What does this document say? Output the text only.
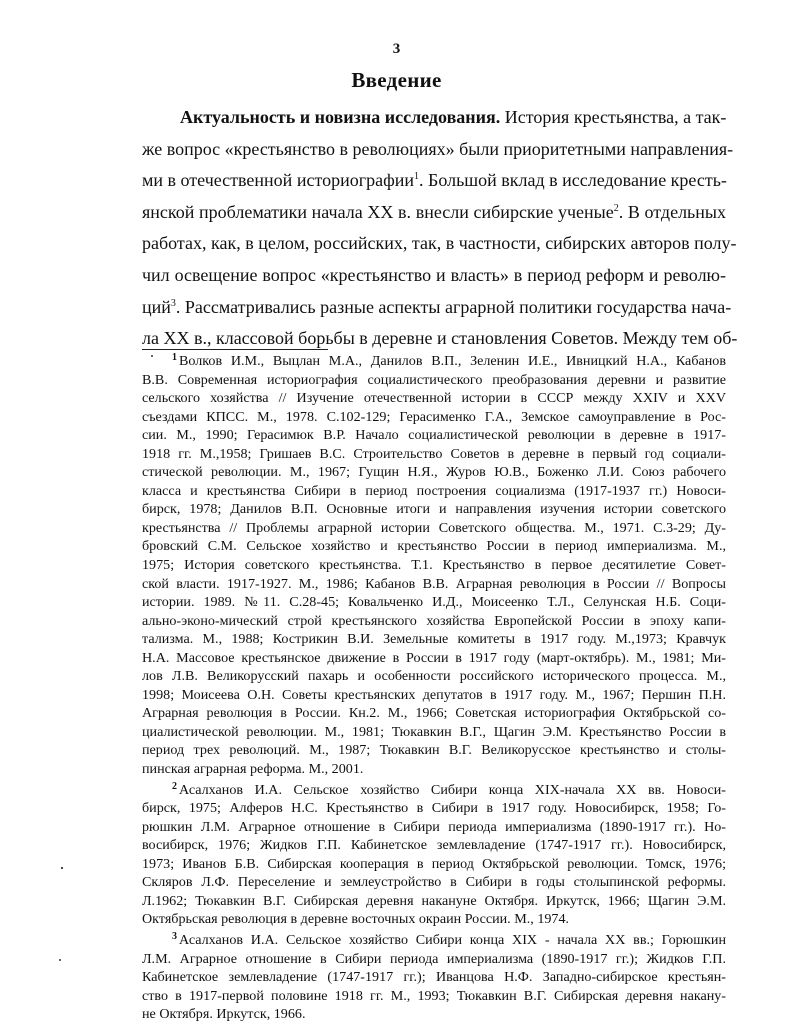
3
Введение
Актуальность и новизна исследования. История крестьянства, а так-
же вопрос «крестьянство в революциях» были приоритетными направления-
ми в отечественной историографии$^1$. Большой вклад в исследование кресть-
янской проблематики начала XX в. внесли сибирские ученые$^2$. В отдельных
работах, как, в целом, российских, так, в частности, сибирских авторов полу-
чил освещение вопрос «крестьянство и власть» в период реформ и револю-
ций$^3$. Рассматривались разные аспекты аграрной политики государства нача-
ла XX в., классовой борьбы в деревне и становления Советов. Между тем об-
$^1$ Волков И.М., Выцлан М.А., Данилов В.П., Зеленин И.Е., Ивницкий Н.А., Кабанов
В.В. Современная историография социалистического преобразования деревни и развитие
сельского хозяйства // Изучение отечественной истории в СССР между XXIV и XXV
съездами КПСС. М., 1978. С.102-129; Герасименко Г.А., Земское самоуправление в Рос-
сии. М., 1990; Герасимюк В.Р. Начало социалистической революции в деревне в 1917-
1918 гг. М.,1958; Гришаев В.С. Строительство Советов в деревне в первый год социали-
стической революции. М., 1967; Гущин Н.Я., Журов Ю.В., Боженко Л.И. Союз рабочего
класса и крестьянства Сибири в период построения социализма (1917-1937 гг.) Новоси-
бирск, 1978; Данилов В.П. Основные итоги и направления изучения истории советского
крестьянства // Проблемы аграрной истории Советского общества. М., 1971. С.3-29; Ду-
бровский С.М. Сельское хозяйство и крестьянство России в период империализма. М.,
1975; История советского крестьянства. Т.1. Крестьянство в первое десятилетие Совет-
ской власти. 1917-1927. М., 1986; Кабанов В.В. Аграрная революция в России // Вопросы
истории. 1989. №11. С.28-45; Ковальченко И.Д., Моисеенко Т.Л., Селунская Н.Б. Соци-
ально-эконо-мический строй крестьянского хозяйства Европейской России в эпоху капи-
тализма. М., 1988; Кострикин В.И. Земельные комитеты в 1917 году. М.,1973; Кравчук
Н.А. Массовое крестьянское движение в России в 1917 году (март-октябрь). М., 1981; Ми-
лов Л.В. Великорусский пахарь и особенности российского исторического процесса. М.,
1998; Моисеева О.Н. Советы крестьянских депутатов в 1917 году. М., 1967; Першин П.Н.
Аграрная революция в России. Кн.2. М., 1966; Советская историография Октябрьской со-
циалистической революции. М., 1981; Тюкавкин В.Г., Щагин Э.М. Крестьянство России в
период трех революций. М., 1987; Тюкавкин В.Г. Великорусское крестьянство и столы-
пинская аграрная реформа. М., 2001.
$^2$ Асалханов И.А. Сельское хозяйство Сибири конца XIX-начала XX вв. Новоси-
бирск, 1975; Алферов Н.С. Крестьянство в Сибири в 1917 году. Новосибирск, 1958; Го-
рюшкин Л.М. Аграрное отношение в Сибири периода империализма (1890-1917 гг.). Но-
восибирск, 1976; Жидков Г.П. Кабинетское землевладение (1747-1917 гг.). Новосибирск,
1973; Иванов Б.В. Сибирская кооперация в период Октябрьской революции. Томск, 1976;
Скляров Л.Ф. Переселение и землеустройство в Сибири в годы столыпинской реформы.
Л.1962; Тюкавкин В.Г. Сибирская деревня накануне Октября. Иркутск, 1966; Щагин Э.М.
Октябрьская революция в деревне восточных окраин России. М., 1974.
$^3$ Асалханов И.А. Сельское хозяйство Сибири конца XIX - начала XX вв.; Горюшкин
Л.М. Аграрное отношение в Сибири периода империализма (1890-1917 гг.); Жидков Г.П.
Кабинетское землевладение (1747-1917 гг.); Иванцова Н.Ф. Западно-сибирское крестьян-
ство в 1917-первой половине 1918 гг. М., 1993; Тюкавкин В.Г. Сибирская деревня накану-
не Октября. Иркутск, 1966.
